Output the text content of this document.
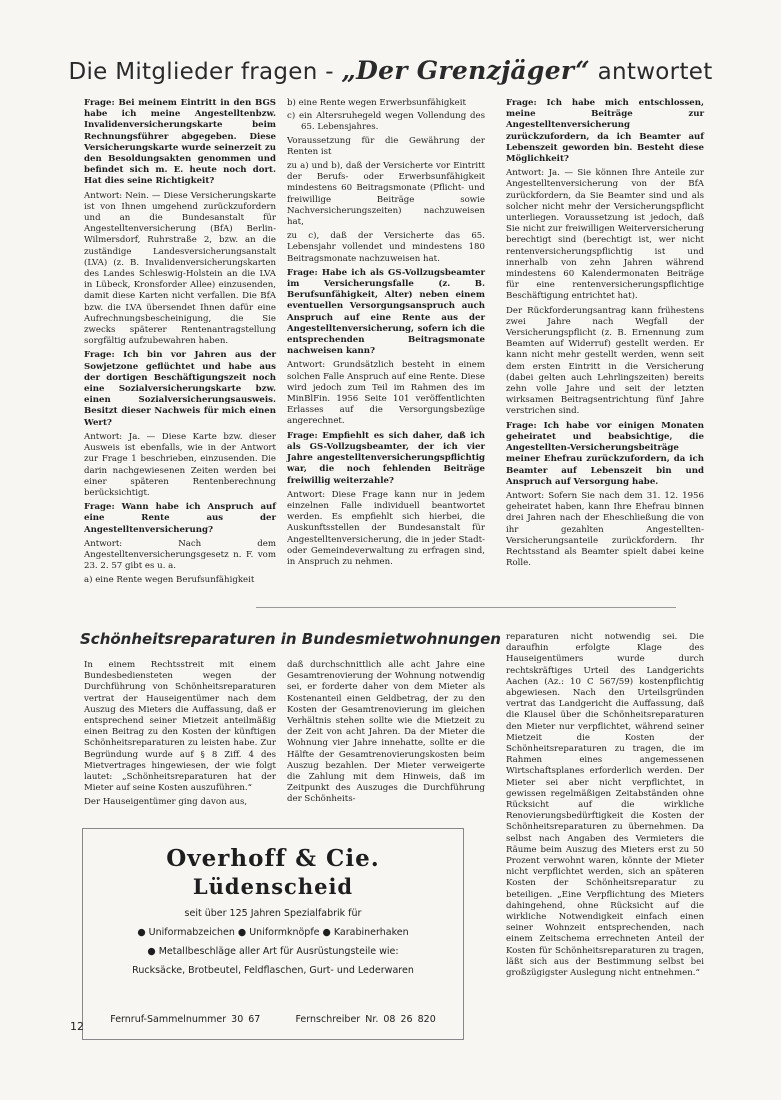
Die Mitglieder fragen - „Der Grenzjäger“ antwortet

Frage: Bei meinem Eintritt in den BGS habe ich meine Angestelltenbzw. Invalidenversicherungskarte beim Rechnungsführer abgegeben. Diese Versicherungskarte wurde seinerzeit zu den Besoldungsakten genommen und befindet sich m. E. heute noch dort. Hat dies seine Richtigkeit?

Antwort: Nein. — Diese Versicherungskarte ist von Ihnen umgehend zurückzufordern und an die Bundesanstalt für Angestelltenversicherung (BfA) Berlin-Wilmersdorf, Ruhrstraße 2, bzw. an die zuständige Landesversicherungsanstalt (LVA) (z. B. Invalidenversicherungskarten des Landes Schleswig-Holstein an die LVA in Lübeck, Kronsforder Allee) einzusenden, damit diese Karten nicht verfallen. Die BfA bzw. die LVA übersendet Ihnen dafür eine Aufrechnungsbescheinigung, die Sie zwecks späterer Rentenantragstellung sorgfältig aufzubewahren haben.

Frage: Ich bin vor Jahren aus der Sowjetzone geflüchtet und habe aus der dortigen Beschäftigungszeit noch eine Sozialversicherungskarte bzw. einen Sozialversicherungsausweis. Besitzt dieser Nachweis für mich einen Wert?

Antwort: Ja. — Diese Karte bzw. dieser Ausweis ist ebenfalls, wie in der Antwort zur Frage 1 beschrieben, einzusenden. Die darin nachgewiesenen Zeiten werden bei einer späteren Rentenberechnung berücksichtigt.

Frage: Wann habe ich Anspruch auf eine Rente aus der Angestelltenversicherung?

Antwort: Nach dem Angestelltenversicherungsgesetz n. F. vom 23. 2. 57 gibt es u. a.

a) eine Rente wegen Berufsunfähigkeit
b) eine Rente wegen Erwerbsunfähigkeit
c) ein Altersruhegeld wegen Vollendung des 65. Lebensjahres.

Voraussetzung für die Gewährung der Renten ist

zu a) und b), daß der Versicherte vor Eintritt der Berufs- oder Erwerbsunfähigkeit mindestens 60 Beitragsmonate (Pflicht- und freiwillige Beiträge sowie Nachversicherungszeiten) nachzuweisen hat,

zu c), daß der Versicherte das 65. Lebensjahr vollendet und mindestens 180 Beitragsmonate nachzuweisen hat.

Frage: Habe ich als GS-Vollzugsbeamter im Versicherungsfalle (z. B. Berufsunfähigkeit, Alter) neben einem eventuellen Versorgungsanspruch auch Anspruch auf eine Rente aus der Angestelltenversicherung, sofern ich die entsprechenden Beitragsmonate nachweisen kann?

Antwort: Grundsätzlich besteht in einem solchen Falle Anspruch auf eine Rente. Diese wird jedoch zum Teil im Rahmen des im MinBlFin. 1956 Seite 101 veröffentlichten Erlasses auf die Versorgungsbezüge angerechnet.

Frage: Empfiehlt es sich daher, daß ich als GS-Vollzugsbeamter, der ich vier Jahre angestelltenversicherungspflichtig war, die noch fehlenden Beiträge freiwillig weiterzahle?

Antwort: Diese Frage kann nur in jedem einzelnen Falle individuell beantwortet werden. Es empfiehlt sich hierbei, die Auskunftsstellen der Bundesanstalt für Angestelltenversicherung, die in jeder Stadt- oder Gemeindeverwaltung zu erfragen sind, in Anspruch zu nehmen.

Frage: Ich habe mich entschlossen, meine Beiträge zur Angestelltenversicherung zurückzufordern, da ich Beamter auf Lebenszeit geworden bin. Besteht diese Möglichkeit?

Antwort: Ja. — Sie können Ihre Anteile zur Angestelltenversicherung von der BfA zurückfordern, da Sie Beamter sind und als solcher nicht mehr der Versicherungspflicht unterliegen. Voraussetzung ist jedoch, daß Sie nicht zur freiwilligen Weiterversicherung berechtigt sind (berechtigt ist, wer nicht rentenversicherungspflichtig ist und innerhalb von zehn Jahren während mindestens 60 Kalendermonaten Beiträge für eine rentenversicherungspflichtige Beschäftigung entrichtet hat).

Der Rückforderungsantrag kann frühestens zwei Jahre nach Wegfall der Versicherungspflicht (z. B. Ernennung zum Beamten auf Widerruf) gestellt werden. Er kann nicht mehr gestellt werden, wenn seit dem ersten Eintritt in die Versicherung (dabei gelten auch Lehrlingszeiten) bereits zehn volle Jahre und seit der letzten wirksamen Beitragsentrichtung fünf Jahre verstrichen sind.

Frage: Ich habe vor einigen Monaten geheiratet und beabsichtige, die Angestellten-Versicherungsbeiträge meiner Ehefrau zurückzufordern, da ich Beamter auf Lebenszeit bin und Anspruch auf Versorgung habe.

Antwort: Sofern Sie nach dem 31. 12. 1956 geheiratet haben, kann Ihre Ehefrau binnen drei Jahren nach der Eheschließung die von ihr gezahlten Angestellten-Versicherungsanteile zurückfordern. Ihr Rechtsstand als Beamter spielt dabei keine Rolle.

Schönheitsreparaturen in Bundesmietwohnungen

In einem Rechtsstreit mit einem Bundesbediensteten wegen der Durchführung von Schönheitsreparaturen vertrat der Hauseigentümer nach dem Auszug des Mieters die Auffassung, daß er entsprechend seiner Mietzeit anteilmäßig einen Beitrag zu den Kosten der künftigen Schönheitsreparaturen zu leisten habe. Zur Begründung wurde auf § 8 Ziff. 4 des Mietvertrages hingewiesen, der wie folgt lautet: „Schönheitsreparaturen hat der Mieter auf seine Kosten auszuführen.“

Der Hauseigentümer ging davon aus,

daß durchschnittlich alle acht Jahre eine Gesamtrenovierung der Wohnung notwendig sei, er forderte daher von dem Mieter als Kostenanteil einen Geldbetrag, der zu den Kosten der Gesamtrenovierung im gleichen Verhältnis stehen sollte wie die Mietzeit zu der Zeit von acht Jahren. Da der Mieter die Wohnung vier Jahre innehatte, sollte er die Hälfte der Gesamtrenovierungskosten beim Auszug bezahlen. Der Mieter verweigerte die Zahlung mit dem Hinweis, daß im Zeitpunkt des Auszuges die Durchführung der Schönheits-

reparaturen nicht notwendig sei. Die daraufhin erfolgte Klage des Hauseigentümers wurde durch rechtskräftiges Urteil des Landgerichts Aachen (Az.: 10 C 567/59) kostenpflichtig abgewiesen. Nach den Urteilsgründen vertrat das Landgericht die Auffassung, daß die Klausel über die Schönheitsreparaturen den Mieter nur verpflichtet, während seiner Mietzeit die Kosten der Schönheitsreparaturen zu tragen, die im Rahmen eines angemessenen Wirtschaftsplanes erforderlich werden. Der Mieter sei aber nicht verpflichtet, in gewissen regelmäßigen Zeitabständen ohne Rücksicht auf die wirkliche Renovierungsbedürftigkeit die Kosten der Schönheitsreparaturen zu übernehmen. Da selbst nach Angaben des Vermieters die Räume beim Auszug des Mieters erst zu 50 Prozent verwohnt waren, könnte der Mieter nicht verpflichtet werden, sich an späteren Kosten der Schönheitsreparatur zu beteiligen. „Eine Verpflichtung des Mieters dahingehend, ohne Rücksicht auf die wirkliche Notwendigkeit einfach einen seiner Wohnzeit entsprechenden, nach einem Zeitschema errechneten Anteil der Kosten für Schönheitsreparaturen zu tragen, läßt sich aus der Bestimmung selbst bei großzügigster Auslegung nicht entnehmen.“

Overhoff & Cie.
Lüdenscheid
seit über 125 Jahren Spezialfabrik für
● Uniformabzeichen ● Uniformknöpfe ● Karabinerhaken
● Metallbeschläge aller Art für Ausrüstungsteile wie:
Rucksäcke, Brotbeutel, Feldflaschen, Gurt- und Lederwaren
Fernruf-Sammelnummer 30 67	Fernschreiber Nr. 08 26 820
12
